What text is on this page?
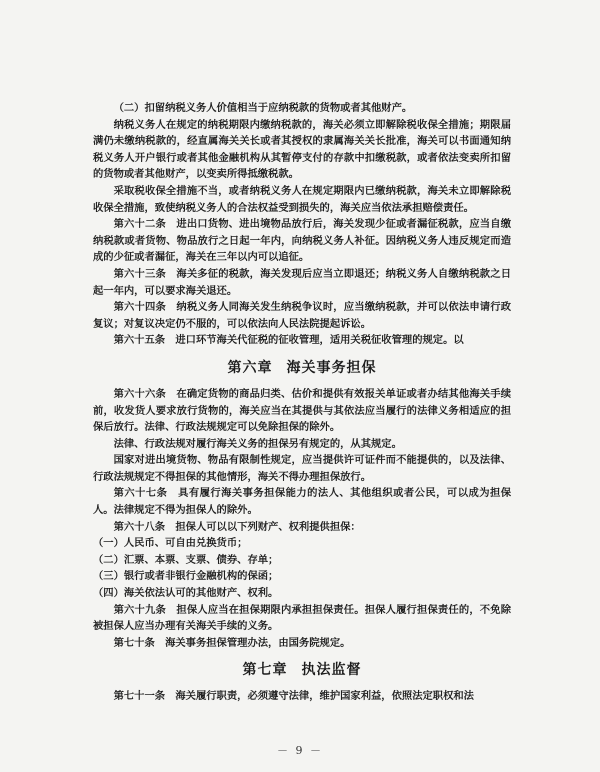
（二）扣留纳税义务人价值相当于应纳税款的货物或者其他财产。

纳税义务人在规定的纳税期限内缴纳税款的，海关必须立即解除税收保全措施；期限届满仍未缴纳税款的，经直属海关关长或者其授权的隶属海关关长批准，海关可以书面通知纳税义务人开户银行或者其他金融机构从其暂停支付的存款中扣缴税款，或者依法变卖所扣留的货物或者其他财产，以变卖所得抵缴税款。

采取税收保全措施不当，或者纳税义务人在规定期限内已缴纳税款，海关未立即解除税收保全措施，致使纳税义务人的合法权益受到损失的，海关应当依法承担赔偿责任。

第六十二条　进出口货物、进出境物品放行后，海关发现少征或者漏征税款，应当自缴纳税款或者货物、物品放行之日起一年内，向纳税义务人补征。因纳税义务人违反规定而造成的少征或者漏征，海关在三年以内可以追征。

第六十三条　海关多征的税款，海关发现后应当立即退还；纳税义务人自缴纳税款之日起一年内，可以要求海关退还。

第六十四条　纳税义务人同海关发生纳税争议时，应当缴纳税款，并可以依法申请行政复议；对复议决定仍不服的，可以依法向人民法院提起诉讼。

第六十五条　进口环节海关代征税的征收管理，适用关税征收管理的规定。以

第六章 海关事务担保

第六十六条　在确定货物的商品归类、估价和提供有效报关单证或者办结其他海关手续前，收发货人要求放行货物的，海关应当在其提供与其依法应当履行的法律义务相适应的担保后放行。法律、行政法规规定可以免除担保的除外。

法律、行政法规对履行海关义务的担保另有规定的，从其规定。

国家对进出境货物、物品有限制性规定，应当提供许可证件而不能提供的，以及法律、行政法规规定不得担保的其他情形，海关不得办理担保放行。

第六十七条　具有履行海关事务担保能力的法人、其他组织或者公民，可以成为担保人。法律规定不得为担保人的除外。

第六十八条　担保人可以以下列财产、权利提供担保：

（一）人民币、可自由兑换货币；

（二）汇票、本票、支票、债券、存单；

（三）银行或者非银行金融机构的保函；

（四）海关依法认可的其他财产、权利。

第六十九条　担保人应当在担保期限内承担担保责任。担保人履行担保责任的，不免除被担保人应当办理有关海关手续的义务。

第七十条　海关事务担保管理办法，由国务院规定。

第七章 执法监督

第七十一条　海关履行职责，必须遵守法律，维护国家利益，依照法定职权和法

－ 9 －
